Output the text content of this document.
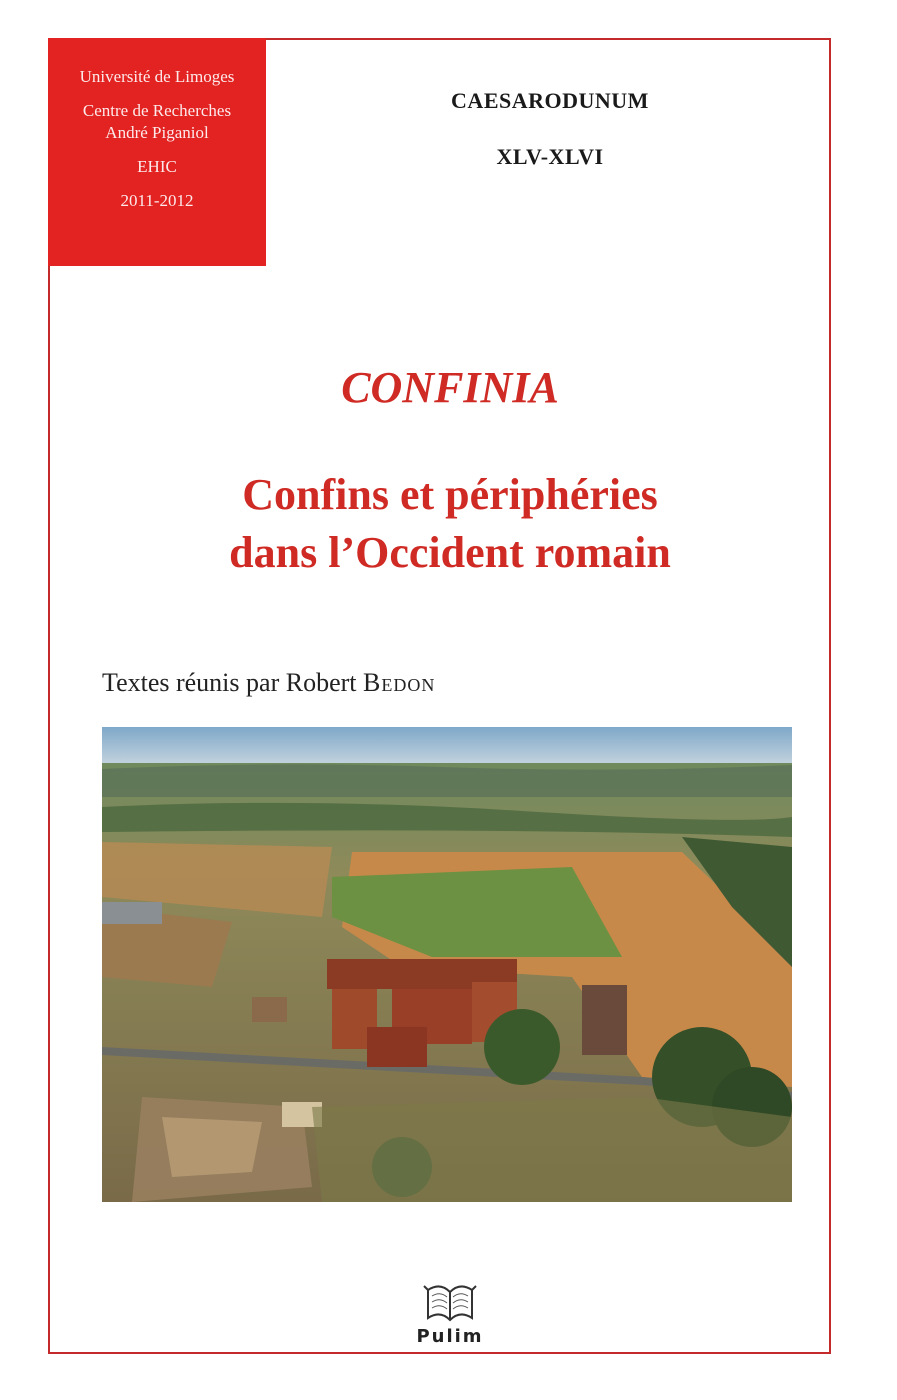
Université de Limoges
Centre de Recherches
André Piganiol
EHIC
2011-2012
CAESARODUNUM
XLV-XLVI
CONFINIA
Confins et périphéries
dans l’Occident romain
Textes réunis par Robert Bedon
Pulim
